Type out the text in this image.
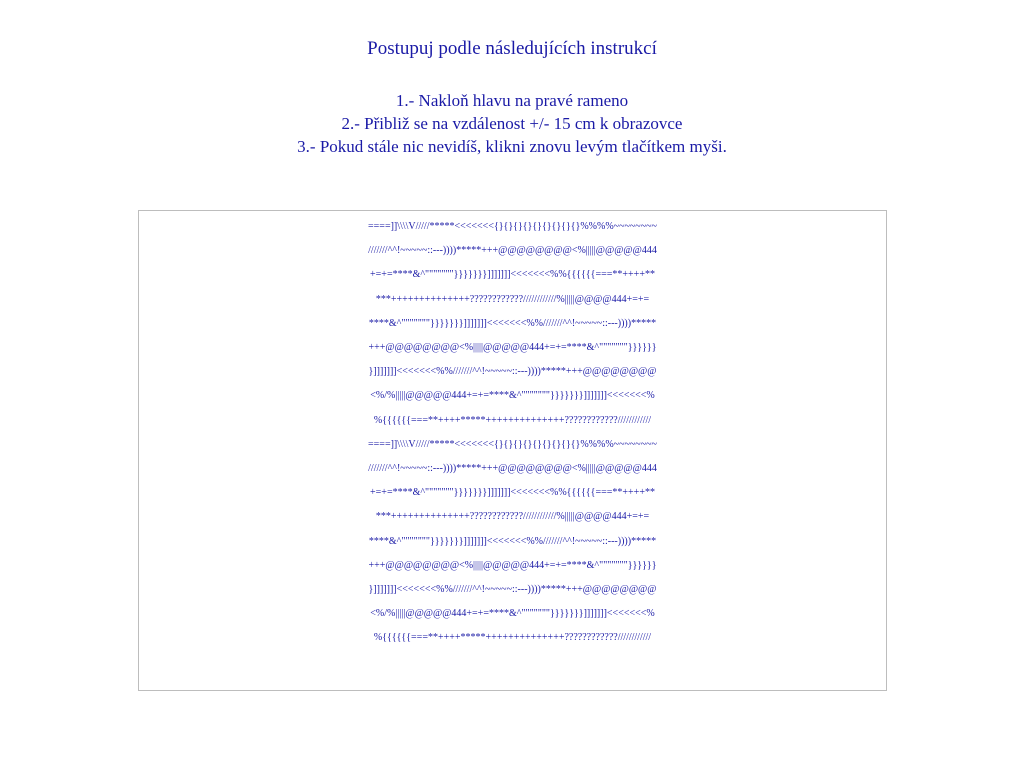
Postupuj podle následujících instrukcí
1.- Nakloň hlavu na pravé rameno
2.- Přibliž se na vzdálenost +/- 15 cm k obrazovce
3.- Pokud stále nic nevidíš, klikni znovu levým tlačítkem myši.
====]]\\\\V/////*****<<<<<<<{}{}{}{}{}{}{}{}{}%%%%~~~~~~~~
///////^^!~~~~~::---))))*****+++@@@@@@@@<%|||||@@@@@444
+=+=****&^"""""""}}}}}}}]]]]]]]<<<<<<<%%{{{{{{===**++++**
***++++++++++++++????????????////////////%|||||@@@@444+=+=
****&^"""""""}}}}}}}]]]]]]]<<<<<<<%%///////^^!~~~~~::---))))*****
+++@@@@@@@@<%|||||@@@@@444+=+=****&^"""""""}}}}}}
}]]]]]]]<<<<<<<%%///////^^!~~~~~::---))))*****+++@@@@@@@@
<%/%|||||@@@@@444+=+=****&^"""""""}}}}}}}]]]]]]]<<<<<<<%
%{{{{{{===**++++*****++++++++++++++????????????////////////
====]]\\\\V/////*****<<<<<<<{}{}{}{}{}{}{}{}{}%%%%~~~~~~~~
///////^^!~~~~~::---))))*****+++@@@@@@@@<%|||||@@@@@444
+=+=****&^"""""""}}}}}}}]]]]]]]<<<<<<<%%{{{{{{===**++++**
***++++++++++++++????????????////////////%|||||@@@@444+=+=
****&^"""""""}}}}}}}]]]]]]]<<<<<<<%%///////^^!~~~~~::---))))*****
+++@@@@@@@@<%|||||@@@@@444+=+=****&^"""""""}}}}}}
}]]]]]]]<<<<<<<%%///////^^!~~~~~::---))))*****+++@@@@@@@@
<%/%|||||@@@@@444+=+=****&^"""""""}}}}}}}]]]]]]]<<<<<<<%
%{{{{{{===**++++*****++++++++++++++????????????////////////
